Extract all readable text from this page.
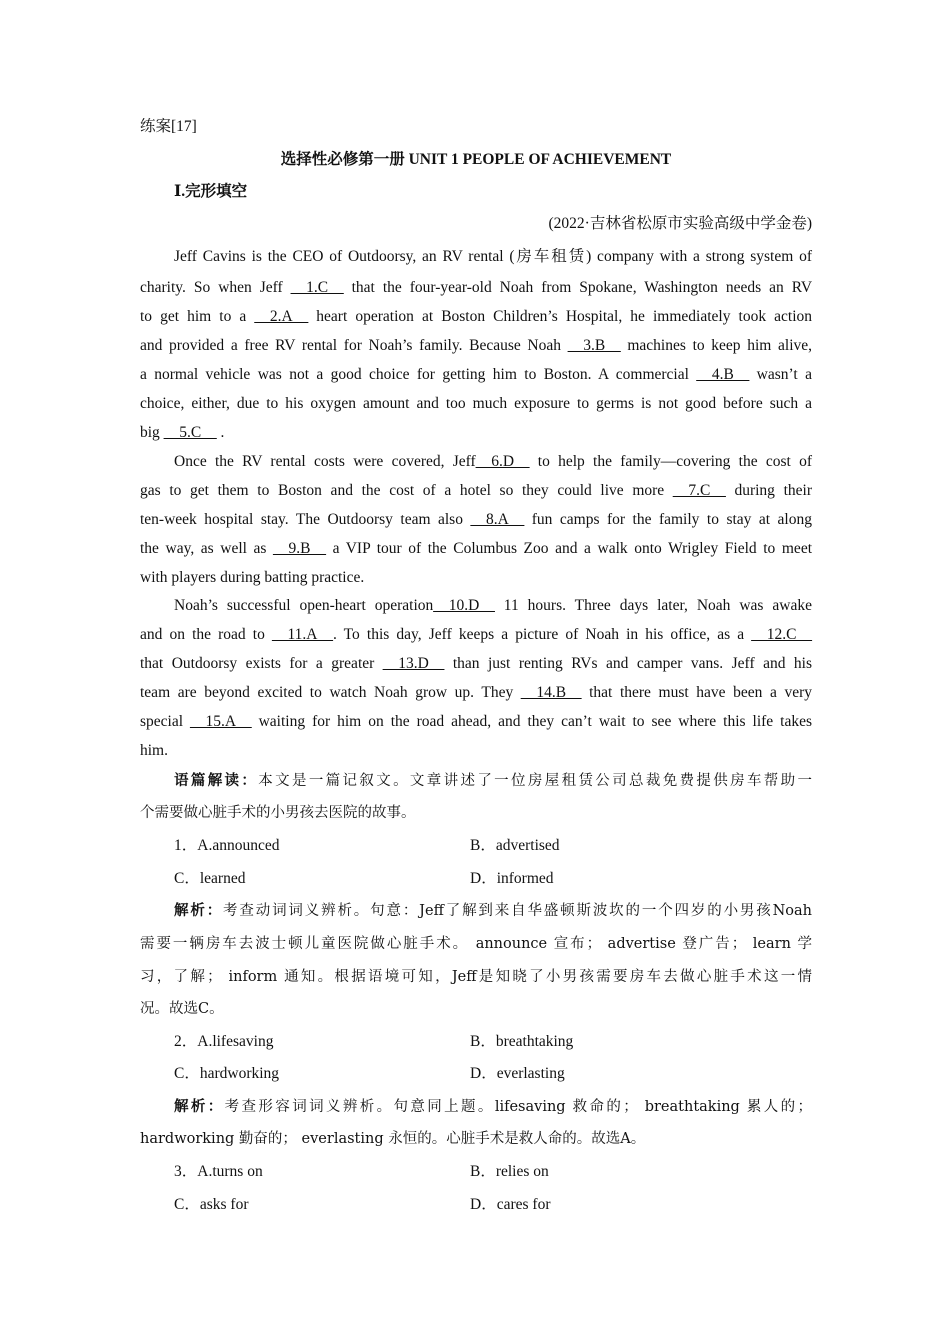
练案[17]
选择性必修第一册 UNIT 1 PEOPLE OF ACHIEVEMENT
Ⅰ.完形填空
(2022·吉林省松原市实验高级中学金卷)
Jeff Cavins is the CEO of Outdoorsy, an RV rental (房车租赁) company with a strong system of
charity. So when Jeff __1.C__ that the four-year-old Noah from Spokane, Washington needs an RV
to get him to a __2.A__ heart operation at Boston Children’s Hospital, he immediately took action
and provided a free RV rental for Noah’s family. Because Noah __3.B__ machines to keep him alive,
a normal vehicle was not a good choice for getting him to Boston. A commercial __4.B__ wasn’t a
choice, either, due to his oxygen amount and too much exposure to germs is not good before such a
big __5.C__ .
Once the RV rental costs were covered, Jeff__6.D__ to help the family—covering the cost of
gas to get them to Boston and the cost of a hotel so they could live more __7.C__ during their
ten-week hospital stay. The Outdoorsy team also __8.A__ fun camps for the family to stay at along
the way, as well as __9.B__ a VIP tour of the Columbus Zoo and a walk onto Wrigley Field to meet
with players during batting practice.
Noah’s successful open-heart operation__10.D__ 11 hours. Three days later, Noah was awake
and on the road to __11.A__. To this day, Jeff keeps a picture of Noah in his office, as a __12.C__
that Outdoorsy exists for a greater __13.D__ than just renting RVs and camper vans. Jeff and his
team are beyond excited to watch Noah grow up. They __14.B__ that there must have been a very
special __15.A__ waiting for him on the road ahead, and they can’t wait to see where this life takes
him.
语篇解读：本文是一篇记叙文。文章讲述了一位房屋租赁公司总裁免费提供房车帮助一
个需要做心脏手术的小男孩去医院的故事。
1．A.announced	B．advertised
C．learned	D．informed
解析：考查动词词义辨析。句意：Jeff了解到来自华盛顿斯波坎的一个四岁的小男孩Noah
需要一辆房车去波士顿儿童医院做心脏手术。 announce 宣布； advertise 登广告； learn 学
习，了解； inform 通知。根据语境可知，Jeff是知晓了小男孩需要房车去做心脏手术这一情
况。故选C。
2．A.lifesaving	B．breathtaking
C．hardworking	D．everlasting
解析：考查形容词词义辨析。句意同上题。lifesaving 救命的； breathtaking 累人的；
hardworking 勤奋的； everlasting 永恒的。心脏手术是救人命的。故选A。
3．A.turns on	B．relies on
C．asks for	D．cares for
